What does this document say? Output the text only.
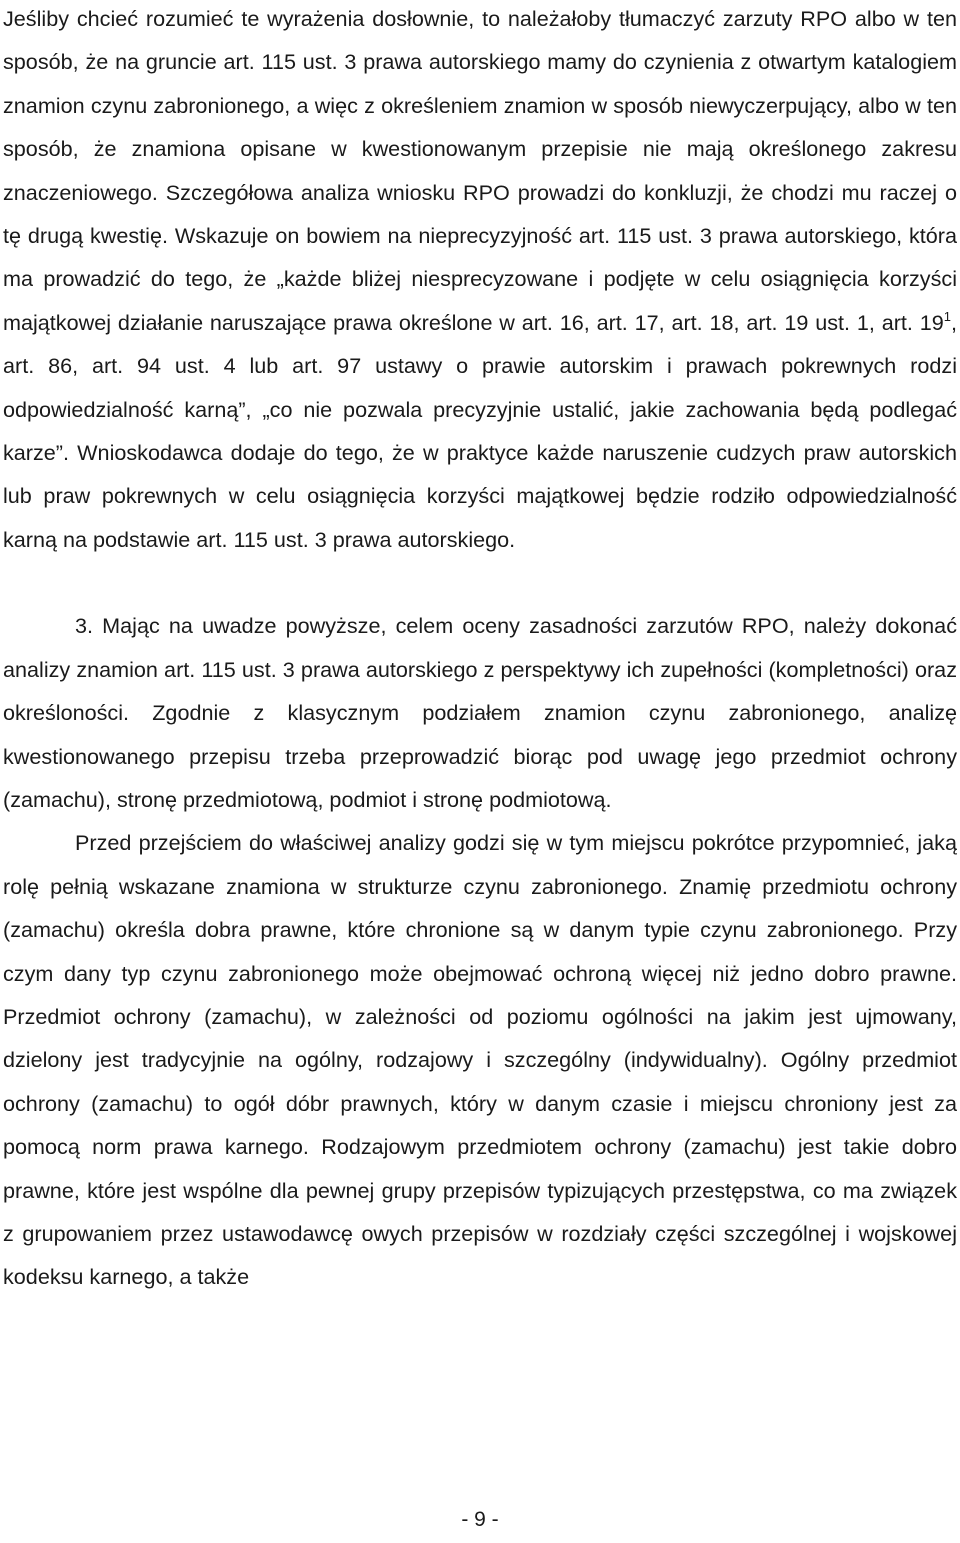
Jeśliby chcieć rozumieć te wyrażenia dosłownie, to należałoby tłumaczyć zarzuty RPO albo w ten sposób, że na gruncie art. 115 ust. 3 prawa autorskiego mamy do czynienia z otwartym katalogiem znamion czynu zabronionego, a więc z określeniem znamion w sposób niewyczerpujący, albo w ten sposób, że znamiona opisane w kwestionowanym przepisie nie mają określonego zakresu znaczeniowego. Szczegółowa analiza wniosku RPO prowadzi do konkluzji, że chodzi mu raczej o tę drugą kwestię. Wskazuje on bowiem na nieprecyzyjność art. 115 ust. 3 prawa autorskiego, która ma prowadzić do tego, że „każde bliżej niesprecyzowane i podjęte w celu osiągnięcia korzyści majątkowej działanie naruszające prawa określone w art. 16, art. 17, art. 18, art. 19 ust. 1, art. $19^1$, art. 86, art. 94 ust. 4 lub art. 97 ustawy o prawie autorskim i prawach pokrewnych rodzi odpowiedzialność karną”, „co nie pozwala precyzyjnie ustalić, jakie zachowania będą podlegać karze”. Wnioskodawca dodaje do tego, że w praktyce każde naruszenie cudzych praw autorskich lub praw pokrewnych w celu osiągnięcia korzyści majątkowej będzie rodziło odpowiedzialność karną na podstawie art. 115 ust. 3 prawa autorskiego.

3. Mając na uwadze powyższe, celem oceny zasadności zarzutów RPO, należy dokonać analizy znamion art. 115 ust. 3 prawa autorskiego z perspektywy ich zupełności (kompletności) oraz określoności. Zgodnie z klasycznym podziałem znamion czynu zabronionego, analizę kwestionowanego przepisu trzeba przeprowadzić biorąc pod uwagę jego przedmiot ochrony (zamachu), stronę przedmiotową, podmiot i stronę podmiotową.

Przed przejściem do właściwej analizy godzi się w tym miejscu pokrótce przypomnieć, jaką rolę pełnią wskazane znamiona w strukturze czynu zabronionego. Znamię przedmiotu ochrony (zamachu) określa dobra prawne, które chronione są w danym typie czynu zabronionego. Przy czym dany typ czynu zabronionego może obejmować ochroną więcej niż jedno dobro prawne. Przedmiot ochrony (zamachu), w zależności od poziomu ogólności na jakim jest ujmowany, dzielony jest tradycyjnie na ogólny, rodzajowy i szczególny (indywidualny). Ogólny przedmiot ochrony (zamachu) to ogół dóbr prawnych, który w danym czasie i miejscu chroniony jest za pomocą norm prawa karnego. Rodzajowym przedmiotem ochrony (zamachu) jest takie dobro prawne, które jest wspólne dla pewnej grupy przepisów typizujących przestępstwa, co ma związek z grupowaniem przez ustawodawcę owych przepisów w rozdziały części szczególnej i wojskowej kodeksu karnego, a także

- 9 -
